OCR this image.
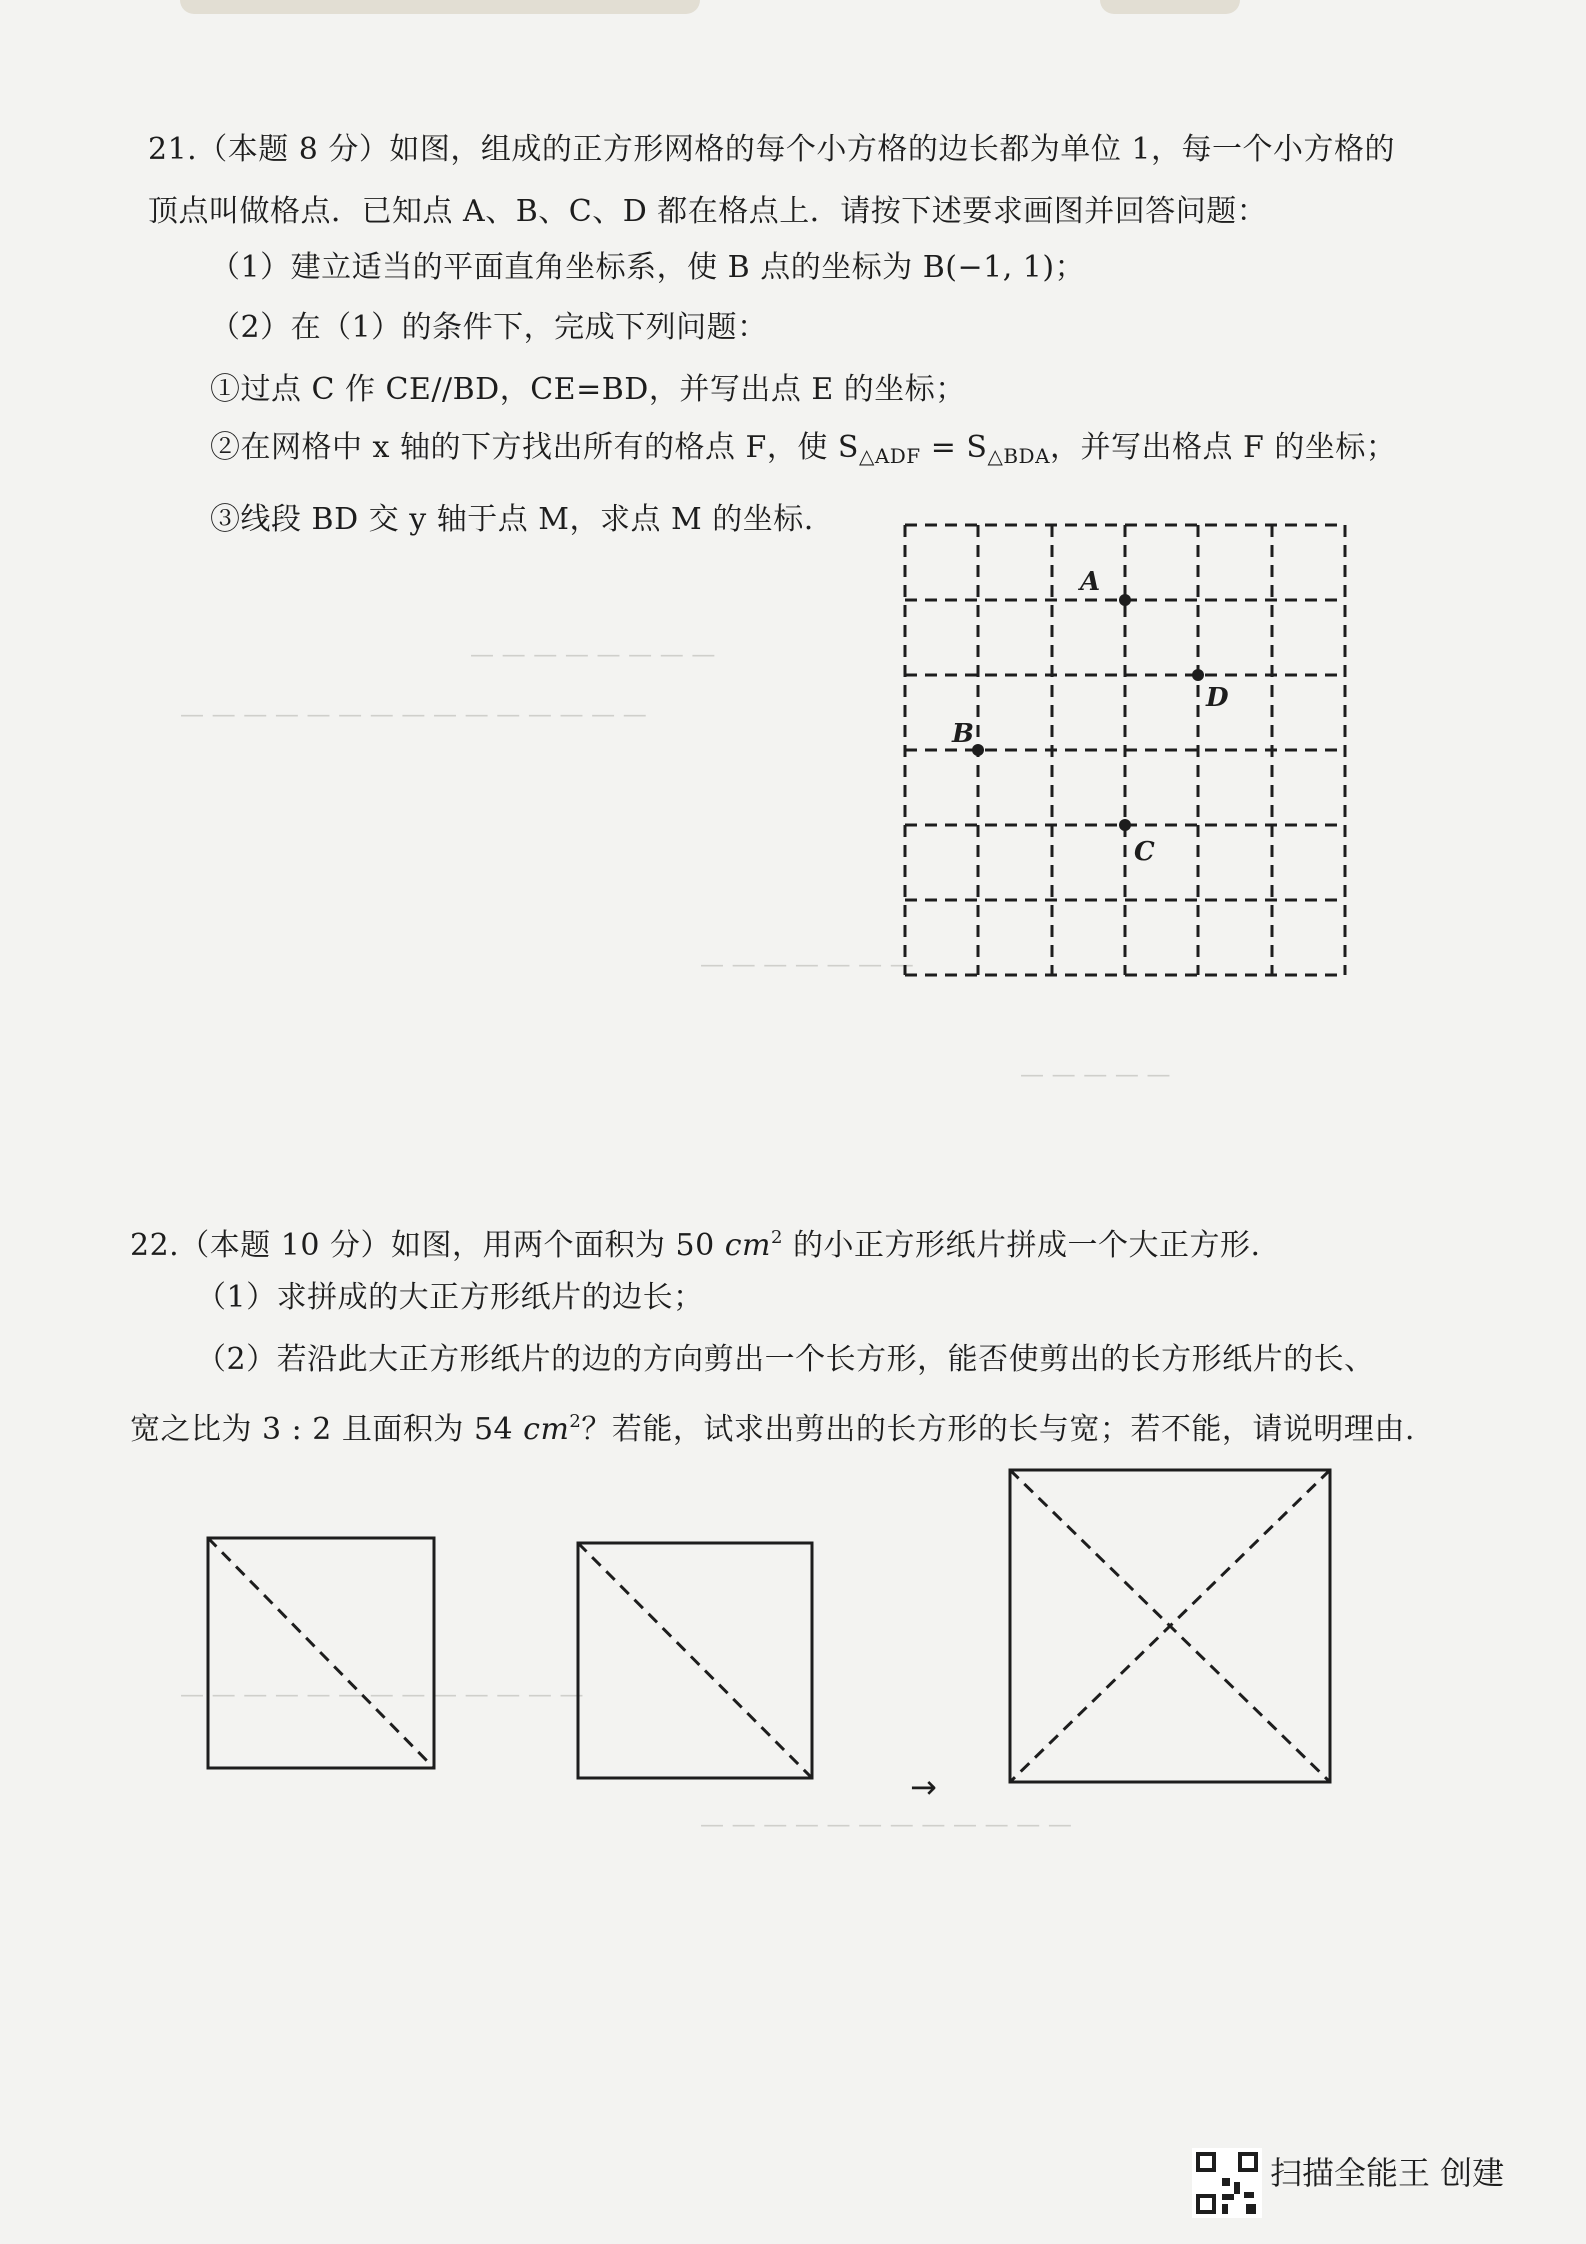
— — — — — — — —
— — — — — — — — — — — — — — —
— — — — — — —
— — — — —
— — — — — — — — — — — — —
— — — — — — — — — — — —
21.（本题 8 分）如图，组成的正方形网格的每个小方格的边长都为单位 1，每一个小方格的
顶点叫做格点．已知点 A、B、C、D 都在格点上．请按下述要求画图并回答问题：
（1）建立适当的平面直角坐标系，使 B 点的坐标为 B(−1, 1)；
（2）在（1）的条件下，完成下列问题：
①过点 C 作 CE//BD，CE=BD，并写出点 E 的坐标；
②在网格中 x 轴的下方找出所有的格点 F，使 $S_{\triangle ADF} = S_{\triangle BDA}$，并写出格点 F 的坐标；
③线段 BD 交 y 轴于点 M，求点 M 的坐标.
22.（本题 10 分）如图，用两个面积为 50 $cm^2$ 的小正方形纸片拼成一个大正方形.
（1）求拼成的大正方形纸片的边长；
（2）若沿此大正方形纸片的边的方向剪出一个长方形，能否使剪出的长方形纸片的长、
宽之比为 3 : 2 且面积为 54 $cm^2$？若能，试求出剪出的长方形的长与宽；若不能，请说明理由.
A
D
B
C
→
扫描全能王 创建
